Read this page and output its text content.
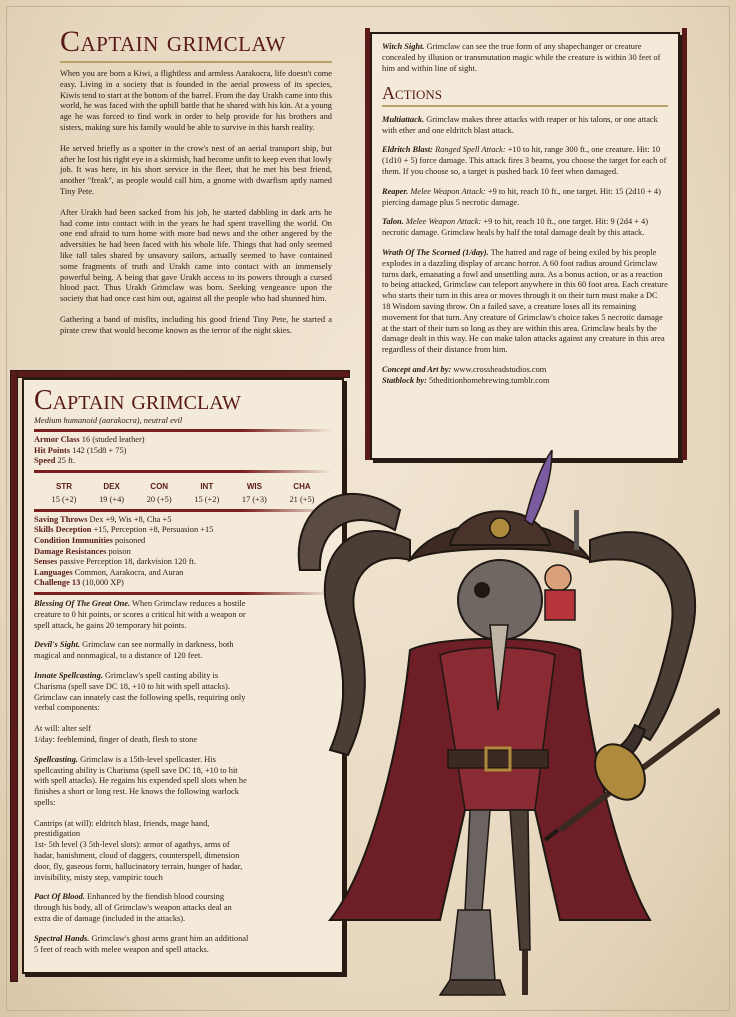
Captain grimclaw

When you are born a Kiwi, a flightless and armless Aarakocra, life doesn't come easy. Living in a society that is founded in the aerial prowess of its species, Kiwis tend to start at the bottom of the barrel. From the day Urakh came into this world, he was faced with the uphill battle that he shared with his kin. At a young age he was forced to find work in order to help provide for his brothers and sisters, making sure his family would be able to survive in this harsh reality.

He served briefly as a spotter in the crow's nest of an aerial transport ship, but after he lost his right eye in a skirmish, had become unfit to keep even that lowly job. It was here, in his short service in the fleet, that he met his best friend, another "freak", as people would call him, a gnome with dwarfism aptly named Tiny Pete.

After Urakh had been sacked from his job, he started dabbling in dark arts he had come into contact with in the years he had spent travelling the world. On one end afraid to turn home with more bad news and the other angered by the adversities he had been faced with his whole life. Things that had only seemed like tall tales shared by unsavory sailors, actually seemed to have contained some fragments of truth and Urakh came into contact with an immensely powerful being. A being that gave Urakh access to its powers through a cursed blood pact. Thus Urakh Grimclaw was born. Seeking vengeance upon the society that had once cast him out, against all the people who had shunned him.

Gathering a band of misfits, including his good friend Tiny Pete, he started a pirate crew that would become known as the terror of the night skies.

Witch Sight. Grimclaw can see the true form of any shapechanger or creature concealed by illusion or transmutation magic while the creature is within 30 feet of him and within line of sight.

Actions

Multiattack. Grimclaw makes three attacks with reaper or his talons, or one attack with ether and one eldritch blast attack.

Eldritch Blast: Ranged Spell Attack: +10 to hit, range 300 ft., one creature. Hit: 10 (1d10 + 5) force damage. This attack fires 3 beams, you choose the target for each of them. If you choose so, a target is pushed back 10 feet when damaged.

Reaper. Melee Weapon Attack: +9 to hit, reach 10 ft., one target. Hit: 15 (2d10 + 4) piercing damage plus 5 necrotic damage.

Talon. Melee Weapon Attack: +9 to hit, reach 10 ft., one target. Hit: 9 (2d4 + 4) necrotic damage. Grimclaw heals by half the total damage dealt by this attack.

Wrath Of The Scorned (1/day). The hatred and rage of being exiled by his people explodes in a dazzling display of arcanc horror. A 60 foot radius around Grimclaw turns dark, emanating a fowl and unsettling aura. As a bonus action, or as a reaction to being attacked, Grimclaw can teleport anywhere in this 60 foot area. Each creature who starts their turn in this area or moves through it on their turn must make a DC 18 Wisdom saving throw. On a failed save, a creature loses all its remaining movement for that turn. Any creature of Grimclaw's choice takes 5 necrotic damage at the start of their turn so long as they are within this area. Grimclaw heals by the damage dealt in this way. He can make talon attacks against any creature in this area regardless of their distance from him.

Concept and Art by: www.crossheadstudios.com

Statblock by: 5theditionhomebrewing.tumblr.com

Captain grimclaw
Medium humanoid (aarakocra), neutral evil
Armor Class 16 (studed leather)
Hit Points 142 (15d8 + 75)
Speed 25 ft.
STR
15 (+2)
DEX
19 (+4)
CON
20 (+5)
INT
15 (+2)
WIS
17 (+3)
CHA
21 (+5)
Saving Throws Dex +9, Wis +8, Cha +5
Skills Deception +15, Perception +8, Persuasion +15
Condition Immunities poisoned
Damage Resistances poison
Senses passive Perception 18, darkvision 120 ft.
Languages Common, Aarakocra, and Auran
Challenge 13 (10,000 XP)

Blessing Of The Great One. When Grimclaw reduces a hostile creature to 0 hit points, or scores a critical hit with a weapon or spell attack, he gains 20 temporary hit points.

Devil's Sight. Grimclaw can see normally in darkness, both magical and nonmagical, to a distance of 120 feet.

Innate Spellcasting. Grimclaw's spell casting ability is Charisma (spell save DC 18, +10 to hit with spell attacks). Grimclaw can innately cast the following spells, requiring only verbal components:

At will: alter self

1/day: feeblemind, finger of death, flesh to stone

Spellcasting. Grimclaw is a 15th-level spellcaster. His spellcasting ability is Charisma (spell save DC 18, +10 to hit with spell attacks). He regains his expended spell slots when he finishes a short or long rest. He knows the following warlock spells:

Cantrips (at will): eldritch blast, friends, mage hand, prestidigation

1st- 5th level (3 5th-level slots): armor of agathys, arms of hadar, banishment, cloud of daggers, counterspell, dimension door, fly, gaseous form, hallucinatory terrain, hunger of hadar, invisibility, misty step, vampiric touch

Pact Of Blood. Enhanced by the fiendish blood coursing through his body, all of Grimclaw's weapon attacks deal an extra die of damage (included in the attacks).

Spectral Hands. Grimclaw's ghost arms grant him an additional 5 feet of reach with melee weapon and spell attacks.
